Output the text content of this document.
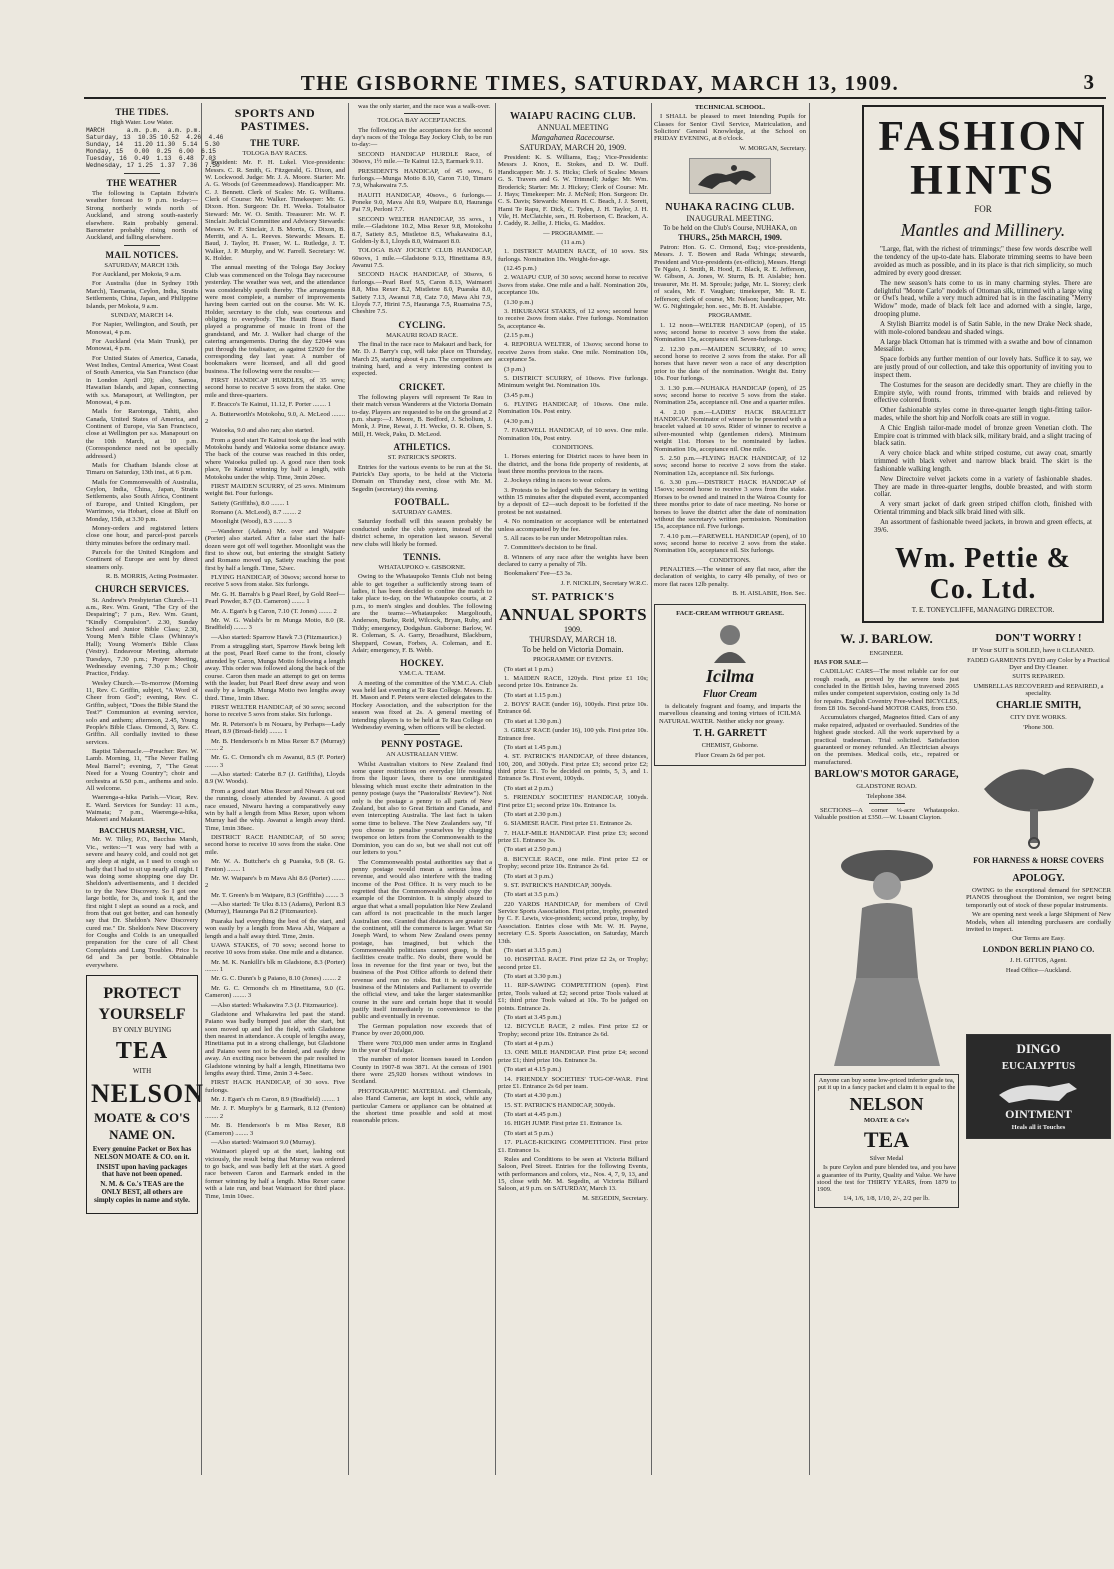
THE GISBORNE TIMES, SATURDAY, MARCH 13, 1909.	3
THE TIDES.
High Water. Low Water.
MARCH      a.m. p.m.  a.m. p.m.
Saturday, 13  10.35 10.52  4.26  4.46
Sunday, 14   11.20 11.30  5.14  5.30
Monday, 15   0.00  0.25  6.00  6.15
Tuesday, 16  0.49  1.13  6.48  7.03
Wednesday, 17 1.25  1.37  7.36  7.50
THE WEATHER

The following is Captain Edwin's weather forecast to 9 p.m. to-day:—Strong northerly winds north of Auckland, and strong south-easterly elsewhere. Rain probably general. Barometer probably rising north of Auckland, and falling elsewhere.

MAIL NOTICES.
SATURDAY, MARCH 13th.

For Auckland, per Mokoia, 9 a.m.

For Australia (due in Sydney 19th March), Tasmania, Ceylon, India, Straits Settlements, China, Japan, and Philippine Islands, per Mokoia, 9 a.m.

SUNDAY, MARCH 14.

For Napier, Wellington, and South, per Monowai, 4 p.m.

For Auckland (via Main Trunk), per Monowai, 4 p.m.

For United States of America, Canada, West Indies, Central America, West Coast of South America, via San Francisco (due in London April 20); also, Samoa, Hawaiian Islands, and Japan, connecting with s.s. Manapouri, at Wellington, per Monowai, 4 p.m.

Mails for Rarotonga, Tahiti, also Canada, United States of America, and Continent of Europe, via San Francisco, close at Wellington per s.s. Manapouri on the 10th March, at 10 p.m. (Correspondence need not be specially addressed.)

Mails for Chatham Islands close at Timaru on Saturday, 13th inst., at 6 p.m.

Mails for Commonwealth of Australia, Ceylon, India, China, Japan, Straits Settlements, also South Africa, Continent of Europe, and United Kingdom, per Warrimoo, via Hobart, close at Bluff on Monday, 15th, at 3.30 p.m.

Money-orders and registered letters close one hour, and parcel-post parcels thirty minutes before the ordinary mail.

Parcels for the United Kingdom and Continent of Europe are sent by direct steamers only.

R. B. MORRIS, Acting Postmaster.
CHURCH SERVICES.

St. Andrew's Presbyterian Church.—11 a.m., Rev. Wm. Grant, "The Cry of the Despairing"; 7 p.m., Rev. Wm. Grant, "Kindly Compulsion". 2.30, Sunday School and Junior Bible Class; 2.30, Young Men's Bible Class (Whinray's Hall); Young Women's Bible Class (Vestry). Endeavour Meeting, alternate Tuesdays, 7.30 p.m.; Prayer Meeting, Wednesday evening, 7.30 p.m.; Choir Practice, Friday.

Wesley Church.—To-morrow (Morning 11, Rev. C. Griffin, subject, "A Word of Cheer from God"; evening, Rev. C. Griffin, subject, "Does the Bible Stand the Test?" Communion at evening service, solo and anthem; afternoon, 2.45, Young People's Bible Class. Ormond, 3, Rev. C. Griffin. All cordially invited to these services.

Baptist Tabernacle.—Preacher: Rev. W. Lamb. Morning, 11, "The Never Failing Meal Barrel"; evening, 7, "The Great Need for a Young Country"; choir and orchestra at 6.50 p.m., anthems and solo. All welcome.

Waerenga-a-hika Parish.—Vicar, Rev. E. Ward. Services for Sunday: 11 a.m., Waimata; 7 p.m., Waerenga-a-hika, Makeeri and Makauri.

BACCHUS MARSH, VIC.

Mr. W. Tilley, P.O., Bacchus Marsh, Vic., writes:—"I was very bad with a severe and heavy cold, and could not get any sleep at night, as I used to cough so badly that I had to sit up nearly all night. I was doing some shopping one day Dr. Sheldon's advertisements, and I decided to try the New Discovery. So I got one large bottle, for 3s, and took it, and the first night I slept as sound as a rock, and from that out got better, and can honestly say that Dr. Sheldon's New Discovery cured me." Dr. Sheldon's New Discovery for Coughs and Colds is an unequalled preparation for the cure of all Chest Complaints and Lung Troubles. Price 1s 6d and 3s per bottle. Obtainable everywhere.

PROTECT
YOURSELF
BY ONLY BUYING
TEA
WITH
NELSON
MOATE & CO'S
NAME ON.
Every genuine Packet or Box has NELSON MOATE & CO. on it.
INSIST upon having packages that have not been opened.
N. M. & Co.'s TEAS are the ONLY BEST, all others are simply copies in name and style.
SPORTS AND PASTIMES.
THE TURF.
TOLOGA BAY RACES.

President: Mr. F. H. Lukel. Vice-presidents: Messrs. C. R. Smith, G. Fitzgerald, G. Dixon, and W. Lockwood. Judge: Mr. J. A. Moore. Starter: Mr. A. G. Woods (of Greenmeadows). Handicapper: Mr. C. J. Bennett. Clerk of Scales: Mr. G. Williams. Clerk of Course: Mr. Walker. Timekeeper: Mr. G. Dixon. Hon. Surgeon: Dr. H. Weeks. Totalisator Steward: Mr. W. O. Smith. Treasurer: Mr. W. F. Sinclair. Judicial Committee and Advisory Stewards: Messrs. W. F. Sinclair, J. B. Morris, G. Dixon, B. Merritt, and A. L. Reeves. Stewards: Messrs. E. Baud, J. Taylor, H. Fraser, W. L. Rutledge, J. T. Walker, J. P. Murphy, and W. Farrell. Secretary: W. K. Holder.

The annual meeting of the Tologa Bay Jockey Club was commenced on the Tologa Bay racecourse yesterday. The weather was wet, and the attendance was considerably spoilt thereby. The arrangements were most complete, a number of improvements having been carried out on the course. Mr. W. K. Holder, secretary to the club, was courteous and obliging to everybody. The Hauiti Brass Band played a programme of music in front of the grandstand, and Mr. J. Walker had charge of the catering arrangements. During the day £2044 was put through the totalisator, as against £2920 for the corresponding day last year. A number of bookmakers were licensed, and all did good business. The following were the results:—

FIRST HANDICAP HURDLES, of 35 sovs; second horse to receive 5 sovs from the stake. One mile and three-quarters.

F. Bracco's Te Kainui, 11.12, F. Porter ........ 1

A. Butterworth's Motokohu, 9.0, A. McLeod ........ 2

Waioeka, 9.0 and also ran; also started.

From a good start Te Kainui took up the lead with Motokohu handy and Waioeka some distance away. The back of the course was reached in this order, where Waioeka pulled up. A good race then took place, Te Kainui winning by half a length, with Motokohu under the whip. Time, 3min 20sec.

FIRST MAIDEN SCURRY, of 25 sovs. Minimum weight 8st. Four furlongs.

Satiety (Griffiths), 8.0 ........ 1

Romano (A. McLeod), 8.7 ........ 2

Moonlight (Wood), 8.3 ........ 3

—Wanderer (Adams) Mr. over and Waipare (Porter) also started. After a false start the half-dozen were got off well together. Moonlight was the first to show out, but entering the straight Satiety and Romano moved up, Satiety reaching the post first by half a length. Time, 52sec.

FLYING HANDICAP, of 30sovs; second horse to receive 5 sovs from stake. Six furlongs.

Mr. G. H. Barrah's b g Pearl Reef, by Gold Reef—Pearl Powder, 8.7 (D. Cameron) ........ 1

Mr. A. Egan's b g Caron, 7.10 (T. Jones) ........ 2

Mr. W. G. Walsh's br m Munga Motio, 8.0 (R. Bradfield) ........ 3

—Also started: Sparrow Hawk 7.3 (Fitzmaurice.)

From a struggling start, Sparrow Hawk being left at the post, Pearl Reef came to the front, closely attended by Caron, Munga Motio following a length away. This order was followed along the back of the course. Caron then made an attempt to get on terms with the leader, but Pearl Reef drew away and won easily by a length. Munga Motio two lengths away third. Time, 1min 18sec.

FIRST WELTER HANDICAP, of 30 sovs; second horse to receive 5 sovs from stake. Six furlongs.

Mr. R. Peterson's b m Nouaru, by Perhaps—Lady Heart, 8.9 (Broad-field) ........ 1

Mr. B. Henderson's b m Miss Rexer 8.7 (Murray) ........ 2

Mr. G. C. Ormond's ch m Awanui, 8.5 (F. Porter) ........ 3

—Also started: Caterbe 8.7 (J. Griffiths), Lloyds 8.9 (W. Woods).

From a good start Miss Rexer and Niwaru cut out the running, closely attended by Awanui. A good race ensued, Niwaru having a comparatively easy win by half a length from Miss Rexer, upon whom Murray had the whip. Awanui a length away third. Time, 1min 38sec.

DISTRICT RACE HANDICAP, of 50 sovs; second horse to receive 10 sovs from the stake. One mile.

Mr. W. A. Buttcher's ch g Puaraka, 9.8 (R. G. Fenton) ........ 1

Mr. W. Waipare's b m Mava Ahi 8.6 (Porter) ........ 2

Mr. T. Green's b m Waipare, 8.3 (Griffiths) ........ 3

—Also started: Te Uku 8.13 (Adams), Perloni 8.3 (Murray), Hauranga Pai 8.2 (Fitzmaurice).

Puaraka had everything the best of the start, and won easily by a length from Mava Ahi, Waipare a length and a half away third. Time, 2min.

UAWA STAKES, of 70 sovs; second horse to receive 10 sovs from stake. One mile and a distance.

Mr. M. K. Nankilli's blk m Gladstone, 8.3 (Porter) ........ 1

Mr. G. C. Dunn's b g Paiano, 8.10 (Jones) ........ 2

Mr. G. C. Ormond's ch m Hinetitama, 9.0 (G. Cameron) ........ 3

—Also started: Whakawira 7.3 (J. Fitzmaurice).

Gladstone and Whakawira led past the stand. Paiano was badly bumped just after the start, but soon moved up and led the field, with Gladstone then nearest in attendance. A couple of lengths away, Hinetitama put in a strong challenge, but Gladstone and Paiano were not to be denied, and easily drew away. An exciting race between the pair resulted in Gladstone winning by half a length, Hinetitama two lengths away third. Time, 2min 3 4-5sec.

FIRST HACK HANDICAP, of 30 sovs. Five furlongs.

Mr. J. Egan's ch m Caron, 8.9 (Bradfield) ........ 1

Mr. J. F. Murphy's br g Earmark, 8.12 (Fenton) ........ 2

Mr. B. Henderson's b m Miss Rexer, 8.8 (Cameron) ........ 3

—Also started: Waimaori 9.0 (Murray).

Waimaori played up at the start, lashing out viciously, the result being that Murray was ordered to go back, and was badly left at the start. A good race between Caron and Earmark ended in the former winning by half a length. Miss Rexer came with a late run, and beat Waimaori for third place. Time, 1min 10sec.

was the only starter, and the race was a walk-over.

TOLOGA BAY ACCEPTANCES.

The following are the acceptances for the second day's races of the Tologa Bay Jockey Club, to be run to-day:—

SECOND HANDICAP HURDLE Race, of 30sovs, 1½ mile.—Te Kainui 12.3, Earmark 9.11.

PRESIDENT'S HANDICAP, of 45 sovs., 6 furlongs.—Munga Motio 8.10, Caron 7.10, Timaru 7.9, Whakawaira 7.5.

HAUITI HANDICAP, 40sovs., 6 furlongs.—Poneke 9.0, Mava Ahi 8.9, Waipare 8.0, Hauranga Pai 7.9, Perloni 7.7.

SECOND WELTER HANDICAP, 35 sovs., 1 mile.—Gladstone 10.2, Miss Rexer 9.8, Motokohu 8.7, Satiety 8.5, Mistletoe 8.5, Whakawaira 8.1, Golden-ly 8.1, Lloyds 8.0, Waimaori 8.0.

TOLOGA BAY JOCKEY CLUB HANDICAP, 60sovs, 1 mile.—Gladstone 9.13, Hinetitama 8.9, Awanui 7.5.

SECOND HACK HANDICAP, of 30sovs, 6 furlongs.—Pearl Reef 9.5, Caron 8.13, Waimaori 8.8, Miss Rexer 8.2, Mistletoe 8.0, Puaraka 8.0, Satiety 7.13, Awanui 7.8, Catz 7.0, Mava Ahi 7.9, Lloyds 7.7, Hirini 7.5, Hauranga 7.5, Ruamaina 7.5, Cheshire 7.5.

CYCLING.
MAKAURI ROAD RACE.

The final in the race race to Makauri and back, for Mr. D. J. Barry's cup, will take place on Thursday, March 25, starting about 4 p.m. The competitors are training hard, and a very interesting contest is expected.

CRICKET.

The following players will represent Te Rau in their match versus Wanderers at the Victoria Domain to-day. Players are requested to be on the ground at 2 p.m. sharp:—J. Moore, B. Bedford, J. Scholium, J. Monk, J. Pine, Rewai, J. H. Wecke, O. R. Olsen, S. Mill, H. Weck, Paku, D. McLeod.

ATHLETICS.
ST. PATRICK'S SPORTS.

Entries for the various events to be run at the St. Patrick's Day sports, to be held at the Victoria Domain on Thursday next, close with Mr. M. Segedin (secretary) this evening.

FOOTBALL.
SATURDAY GAMES.

Saturday football will this season probably be conducted under the club system, instead of the district scheme, in operation last season. Several new clubs will likely be formed.

TENNIS.
WHATAUPOKO v. GISBORNE.

Owing to the Whataupoko Tennis Club not being able to get together a sufficiently strong team of ladies, it has been decided to confine the match to take place to-day, on the Whataupoko courts, at 2 p.m., to men's singles and doubles. The following are the teams:—Whataupoko: Margoliouth, Anderson, Burke, Reid, Wilcock, Bryan, Ruby, and Tiddy; emergency, Dodgshun. Gisborne: Barlow, W. R. Coleman, S. A. Garry, Broadhurst, Blackburn, Sheppard, Cowan, Forbes, A. Coleman, and E. Adair; emergency, F. B. Webb.

HOCKEY.
Y.M.C.A. TEAM.

A meeting of the committee of the Y.M.C.A. Club was held last evening at Te Rau College. Messrs. E. H. Mason and F. Peters were elected delegates to the Hockey Association, and the subscription for the season was fixed at 2s. A general meeting of intending players is to be held at Te Rau College on Wednesday evening, when officers will be elected.

PENNY POSTAGE.
AN AUSTRALIAN VIEW.

Whilst Australian visitors to New Zealand find some queer restrictions on everyday life resulting from the liquor laws, there is one unmitigated blessing which must excite their admiration in the penny postage (says the "Pastoralists' Review"). Not only is the postage a penny to all parts of New Zealand, but also to Great Britain and Canada, and even intercepting Australia. The last fact is taken some time to believe. The New Zealanders say, "If you choose to penalise yourselves by charging twopence on letters from the Commonwealth to the Dominion, you can do so, but we shall not cut off our letters to you."

The Commonwealth postal authorities say that a penny postage would mean a serious loss of revenue, and would also interfere with the trading income of the Post Office. It is very much to be regretted that the Commonwealth should copy the example of the Dominion. It is simply absurd to argue that what a small population like New Zealand can afford is not practicable in the much larger Australian one. Granted that distances are greater on the continent, still the commerce is larger. What Sir Joseph Ward, to whom New Zealand owes penny postage, has imagined, but which the Commonwealth politicians cannot grasp, is that facilities create traffic. No doubt, there would be loss in revenue for the first year or two, but the business of the Post Office affords to defend their revenue and run no risks. But it is equally the business of the Ministers and Parliament to override the official view, and take the larger statesmanlike course in the sure and certain hope that it would justify itself immediately in convenience to the public and eventually in revenue.

The German population now exceeds that of France by over 20,000,000.

There were 703,000 men under arms in England in the year of Trafalgar.

The number of motor licenses issued in London County in 1907-8 was 3871. At the census of 1901 there were 25,920 horses without windows in Scotland.

PHOTOGRAPHIC MATERIAL and Chemicals, also Hand Cameras, are kept in stock, while any particular Camera or appliance can be obtained at the shortest time possible and sold at most reasonable prices.

WAIAPU RACING CLUB.
ANNUAL MEETING
Mangahanea Racecourse.
SATURDAY, MARCH 20, 1909.

President: K. S. Williams, Esq.; Vice-Presidents: Messrs J. Knox, E. Stokes, and D. W. Duff. Handicapper: Mr. J. S. Hicks; Clerk of Scales: Messrs G. S. Travers and G. W. Trimnell; Judge: Mr. Wm. Broderick; Starter: Mr. J. Hickey; Clerk of Course: Mr. J. Hays; Timekeeper: Mr. J. McNeil; Hon. Surgeon: Dr. C. S. Davis; Stewards: Messrs H. C. Beach, J. J. Sorett, Hami Te Rapu, F. Dick, C. Tyden, J. H. Taylor, J. H. Vile, H. McClatchie, sen., H. Robertson, C. Bracken, A. J. Caddy, R. Jellie, J. Hicks, G. Maddox.

— PROGRAMME. —
(11 a.m.)

1. DISTRICT MAIDEN RACE, of 10 sovs. Six furlongs. Nomination 10s. Weight-for-age.

(12.45 p.m.)

2. WAIAPU CUP, of 30 sovs; second horse to receive 3sovs from stake. One mile and a half. Nomination 20s, acceptance 10s.

(1.30 p.m.)

3. HIKURANGI STAKES, of 12 sovs; second horse to receive 2sovs from stake. Five furlongs. Nomination 5s, acceptance 4s.

(2.15 p.m.)

4. REPORUA WELTER, of 13sovs; second horse to receive 2sovs from stake. One mile. Nomination 10s, acceptance 5s.

(3 p.m.)

5. DISTRICT SCURRY, of 10sovs. Five furlongs. Minimum weight 9st. Nomination 10s.

(3.45 p.m.)

6. FLYING HANDICAP, of 10sovs. One mile. Nomination 10s. Post entry.

(4.30 p.m.)

7. FAREWELL HANDICAP, of 10 sovs. One mile. Nomination 10s, Post entry.

CONDITIONS.

1. Horses entering for District races to have been in the district, and the bona fide property of residents, at least three months previous to the races.

2. Jockeys riding in races to wear colors.

3. Protests to be lodged with the Secretary in writing within 15 minutes after the disputed event, accompanied by a deposit of £2—such deposit to be forfeited if the protest be not sustained.

4. No nomination or acceptance will be entertained unless accompanied by the fee.

5. All races to be run under Metropolitan rules.

7. Committee's decision to be final.

8. Winners of any race after the weights have been declared to carry a penalty of 7lb.

Bookmakers' Fee—£3 3s.

J. F. NICKLIN, Secretary W.R.C.
ST. PATRICK'S
ANNUAL SPORTS
1909.
THURSDAY, MARCH 18.
To be held on Victoria Domain.
PROGRAMME OF EVENTS.

(To start at 1 p.m.)

1. MAIDEN RACE, 120yds. First prize £1 10s; second prize 10s. Entrance 2s.

(To start at 1.15 p.m.)

2. BOYS' RACE (under 16), 100yds. First prize 10s. Entrance 6d.

(To start at 1.30 p.m.)

3. GIRLS' RACE (under 16), 100 yds. First prize 10s. Entrance free.

(To start at 1.45 p.m.)

4. ST. PATRICK'S HANDICAP, of three distances, 100, 200, and 300yds. First prize £3; second prize £2; third prize £1. To be decided on points, 5, 3, and 1. Entrance 5s. First event, 100yds.

(To start at 2 p.m.)

5. FRIENDLY SOCIETIES' HANDICAP, 100yds. First prize £1; second prize 10s. Entrance 1s.

(To start at 2.30 p.m.)

6. SIAMESE RACE. First prize £1. Entrance 2s.

7. HALF-MILE HANDICAP. First prize £3; second prize £1. Entrance 3s.

(To start at 2.50 p.m.)

8. BICYCLE RACE, one mile. First prize £2 or Trophy; second prize 10s. Entrance 2s 6d.

(To start at 3 p.m.)

9. ST. PATRICK'S HANDICAP, 300yds.

(To start at 3.5 p.m.)

220 YARDS HANDICAP, for members of Civil Service Sports Association. First prize, trophy, presented by C. F. Lewis, vice-president; second prize, trophy, by Association. Entries close with Mr. W. H. Payne, secretary C.S. Sports Association, on Saturday, March 13th.

(To start at 3.15 p.m.)

10. HOSPITAL RACE. First prize £2 2s, or Trophy; second prize £1.

(To start at 3.30 p.m.)

11. RIP-SAWING COMPETITION (open). First prize, Tools valued at £2; second prize Tools valued at £1; third prize Tools valued at 10s. To be judged on points. Entrance 2s.

(To start at 3.45 p.m.)

12. BICYCLE RACE, 2 miles. First prize £2 or Trophy; second prize 10s. Entrance 2s 6d.

(To start at 4 p.m.)

13. ONE MILE HANDICAP. First prize £4; second prize £1; third prize 10s. Entrance 3s.

(To start at 4.15 p.m.)

14. FRIENDLY SOCIETIES' TUG-OF-WAR. First prize £1. Entrance 2s 6d per team.

(To start at 4.30 p.m.)

15. ST. PATRICK'S HANDICAP, 300yds.

(To start at 4.45 p.m.)

16. HIGH JUMP. First prize £1. Entrance 1s.

(To start at 5 p.m.)

17. PLACE-KICKING COMPETITION. First prize £1. Entrance 1s.

Rules and Conditions to be seen at Victoria Billiard Saloon, Peel Street. Entries for the following Events, with performances and colors, viz., Nos. 4, 7, 9, 13, and 15, close with Mr. M. Segedin, at Victoria Billiard Saloon, at 9 p.m. on SATURDAY, March 13.

M. SEGEDIN, Secretary.
TECHNICAL SCHOOL.

I SHALL be pleased to meet Intending Pupils for Classes for Senior Civil Service, Matriculation, and Solicitors' General Knowledge, at the School on FRIDAY EVENING, at 8 o'clock.

W. MORGAN, Secretary.
NUHAKA RACING CLUB.
INAUGURAL MEETING.
To be held on the Club's Course, NUHAKA, on
THURS., 25th MARCH, 1909.

Patron: Hon. G. C. Ormond, Esq.; vice-presidents, Messrs. J. T. Bowen and Rada Whinga; stewards, President and Vice-presidents (ex-officio), Messrs. Hengi Te Ngaio, J. Smith, R. Hood, E. Black, R. E. Jefferson, W. Gibson, A. Jones, W. Sturm, B. H. Aislabie; hon. treasurer, Mr. H. M. Sproule; judge, Mr. L. Storey; clerk of scales, Mr. F. Vaughan; timekeeper, Mr. R. E. Jefferson; clerk of course, Mr. Nelson; handicapper, Mr. W. G. Nightingale; hon. sec., Mr. B. H. Aislabie.

PROGRAMME.

1. 12 noon—WELTER HANDICAP (open), of 15 sovs; second horse to receive 3 sovs from the stake. Nomination 15s, acceptance nil. Seven-furlongs.

2. 12.30 p.m.—MAIDEN SCURRY, of 10 sovs; second horse to receive 2 sovs from the stake. For all horses that have never won a race of any description prior to the date of the nomination. Weight 8st. Entry 10s. Four furlongs.

3. 1.30 p.m.—NUHAKA HANDICAP (open), of 25 sovs; second horse to receive 5 sovs from the stake. Nomination 25s, acceptance nil. One and a quarter miles.

4. 2.10 p.m.—LADIES' HACK BRACELET HANDICAP. Nominator of winner to be presented with a bracelet valued at 10 sovs. Rider of winner to receive a silver-mounted whip (gentlemen riders). Minimum weight 11st. Horses to be nominated by ladies. Nomination 10s, acceptance nil. One mile.

5. 2.50 p.m.—FLYING HACK HANDICAP, of 12 sovs; second horse to receive 2 sovs from the stake. Nomination 12s, acceptance nil. Six furlongs.

6. 3.30 p.m.—DISTRICT HACK HANDICAP of 15sovs; second horse to receive 3 sovs from the stake. Horses to be owned and trained in the Wairoa County for three months prior to date of race meeting. No horse or horses to leave the district after the date of nomination without the secretary's written permission. Nomination 15s, acceptance nil. Five furlongs.

7. 4.10 p.m.—FAREWELL HANDICAP (open), of 10 sovs; second horse to receive 2 sovs from the stake. Nomination 10s, acceptance nil. Six furlongs.

CONDITIONS.

PENALTIES.—The winner of any flat race, after the declaration of weights, to carry 4lb penalty, of two or more flat races 12lb penalty.

B. H. AISLABIE, Hon. Sec.
FACE-CREAM WITHOUT GREASE.
Icilma
Fluor Cream

is delicately fragrant and foamy, and imparts the marvellous cleansing and toning virtues of ICILMA NATURAL WATER. Neither sticky nor greasy.

T. H. GARRETT
CHEMIST, Gisborne.
Fluor Cream 2s 6d per pot.
FASHION
HINTS
FOR
Mantles and Millinery.

"Large, flat, with the richest of trimmings;" these few words describe well the tendency of the up-to-date hats. Elaborate trimming seems to have been avoided as much as possible, and in its place is that rich simplicity, so much admired by every good dresser.

The new season's hats come to us in many charming styles. There are delightful "Monte Carlo" models of Ottoman silk, trimmed with a large wing or Owl's head, while a very much admired hat is in the fascinating "Merry Widow" mode, made of black felt lace and adorned with a single, large, drooping plume.

A Stylish Biarritz model is of Satin Sable, in the new Drake Neck shade, with mole-colored bandeau and shaded wings.

A large black Ottoman hat is trimmed with a swathe and bow of cinnamon Messaline.

Space forbids any further mention of our lovely hats. Suffice it to say, we are justly proud of our collection, and take this opportunity of inviting you to inspect them.

The Costumes for the season are decidedly smart. They are chiefly in the Empire style, with round fronts, trimmed with braids and relieved by effective colored fronts.

Other fashionable styles come in three-quarter length tight-fitting tailor-mades, while the short hip and Norfolk coats are still in vogue.

A Chic English tailor-made model of bronze green Venetian cloth. The Empire coat is trimmed with black silk, military braid, and a slight tracing of black satin.

A very choice black and white striped costume, cut away coat, smartly trimmed with black velvet and narrow black braid. The skirt is the fashionable walking length.

New Directoire velvet jackets come in a variety of fashionable shades. They are made in three-quarter lengths, double breasted, and with storm collar.

A very smart jacket of dark green striped chiffon cloth, finished with Oriental trimming and black silk braid lined with silk.

An assortment of fashionable tweed jackets, in brown and green effects, at 39/6.

Wm. Pettie & Co. Ltd.
T. E. TONEYCLIFFE, MANAGING DIRECTOR.
W. J. BARLOW.
ENGINEER.
HAS FOR SALE—

CADILLAC CARS—The most reliable car for our rough roads, as proved by the severe tests just concluded in the British Isles, having traversed 2065 miles under competent supervision, costing only 1s 3d for repairs. English Coventry Free-wheel BICYCLES, from £8 10s. Second-hand MOTOR CARS, from £50.

Accumulators charged, Magnetos fitted. Cars of any make repaired, adjusted or overhauled. Sundries of the highest grade stocked. All the work supervised by a practical tradesman. Trial solicited. Satisfaction guaranteed or money refunded. An Electrician always on the premises. Medical coils, etc., repaired or manufactured.

BARLOW'S MOTOR GARAGE,
GLADSTONE ROAD.
Telephone 384.

SECTIONS—A corner ¼-acre Whataupoko. Valuable position at £350.—W. Lissant Clayton.

Anyone can buy some low-priced inferior grade tea, put it up in a fancy packet and claim it is equal to the

NELSON
MOATE & Co's
TEA
Silver Medal

Is pure Ceylon and pure blended tea, and you have a guarantee of its Purity, Quality and Value. We have stood the test for THIRTY YEARS, from 1879 to 1909.

1/4, 1/6, 1/8, 1/10, 2/-, 2/2 per lb.
DON'T WORRY !

IF Your SUIT is SOILED, have it CLEANED.

FADED GARMENTS DYED any Color by a Practical Dyer and Dry Cleaner.
SUITS REPAIRED.
UMBRELLAS RECOVERED and REPAIRED, a speciality.
CHARLIE SMITH,
CITY DYE WORKS.
'Phone 300.
FOR HARNESS & HORSE COVERS
APOLOGY.

OWING to the exceptional demand for SPENCER PIANOS throughout the Dominion, we regret being temporarily out of stock of these popular instruments.

We are opening next week a large Shipment of New Models, when all intending purchasers are cordially invited to inspect.

Our Terms are Easy.
LONDON BERLIN PIANO CO.
J. H. GITTOS, Agent.
Head Office—Auckland.
DINGO
EUCALYPTUS
OINTMENT
Heals all it Touches
